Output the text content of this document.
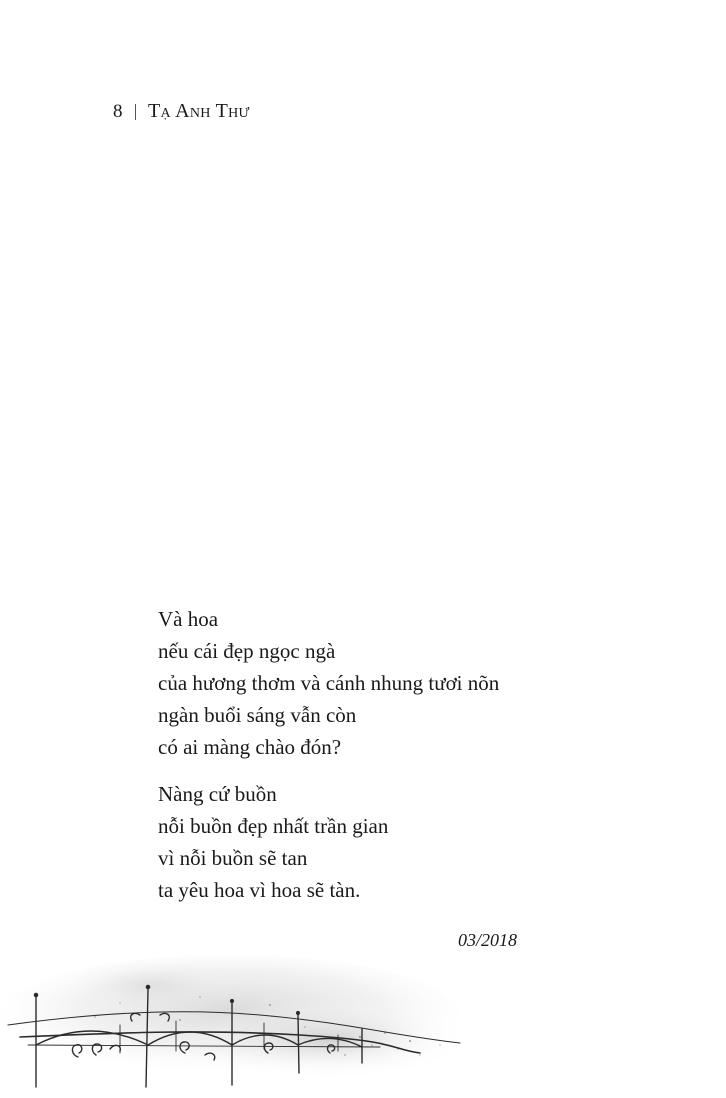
8 Tạ Anh Thư
Và hoa
nếu cái đẹp ngọc ngà
của hương thơm và cánh nhung tươi nõn
ngàn buổi sáng vẫn còn
có ai màng chào đón?
Nàng cứ buồn
nỗi buồn đẹp nhất trần gian
vì nỗi buồn sẽ tan
ta yêu hoa vì hoa sẽ tàn.
03/2018
